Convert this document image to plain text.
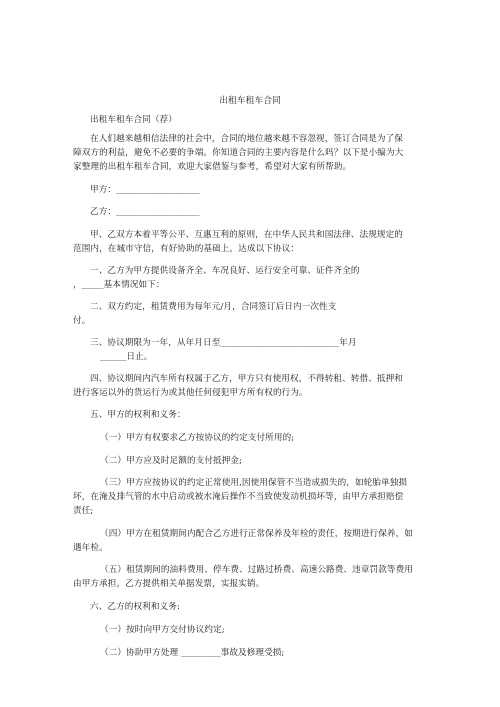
出租车租车合同
出租车租车合同（荐）
在人们越来越相信法律的社会中，合同的地位越来越不容忽视，签订合同是为了保
障双方的利益，避免不必要的争端。你知道合同的主要内容是什么吗？以下是小编为大
家整理的出租车租车合同，欢迎大家借鉴与参考，希望对大家有所帮助。
甲方：___________________
乙方：___________________
甲、乙双方本着平等公平、互惠互利的原则，在中华人民共和国法律、法规规定的
范围内，在城市守信，有好协助的基础上，达成以下协议：
一、乙方为甲方提供设备齐全、车况良好、运行安全可靠、证件齐全的
，_____基本情况如下：
二、双方约定，租赁费用为每年元/月，合同签订后日内一次性支
付。
三、协议期限为一年，从年月日至___________________________年月
______日止。
四、协议期间内汽车所有权属于乙方，甲方只有使用权，不得转租、转借、抵押和
进行客运以外的货运行为或其他任何侵犯甲方所有权的行为。
五、甲方的权利和义务：
（一）甲方有权要求乙方按协议的约定支付所用的;
（二）甲方应及时足额的支付抵押金;
（三）甲方应按协议的约定正常使用,因使用保管不当造成损失的，如轮胎单独损
坏，在淹及排气管的水中启动或被水淹后操作不当致使发动机损坏等，由甲方承担赔偿
责任;
（四）甲方在租赁期间内配合乙方进行正常保养及年检的责任，按期进行保养，如
遇年检。
（五）租赁期间的油料费用、停车费、过路过桥费、高速公路费、违章罚款等费用
由甲方承担，乙方提供相关单据发票，实报实销。
六、乙方的权利和义务:
（一）按时向甲方交付协议约定;
（二）协助甲方处理 _________事故及修理受损;
